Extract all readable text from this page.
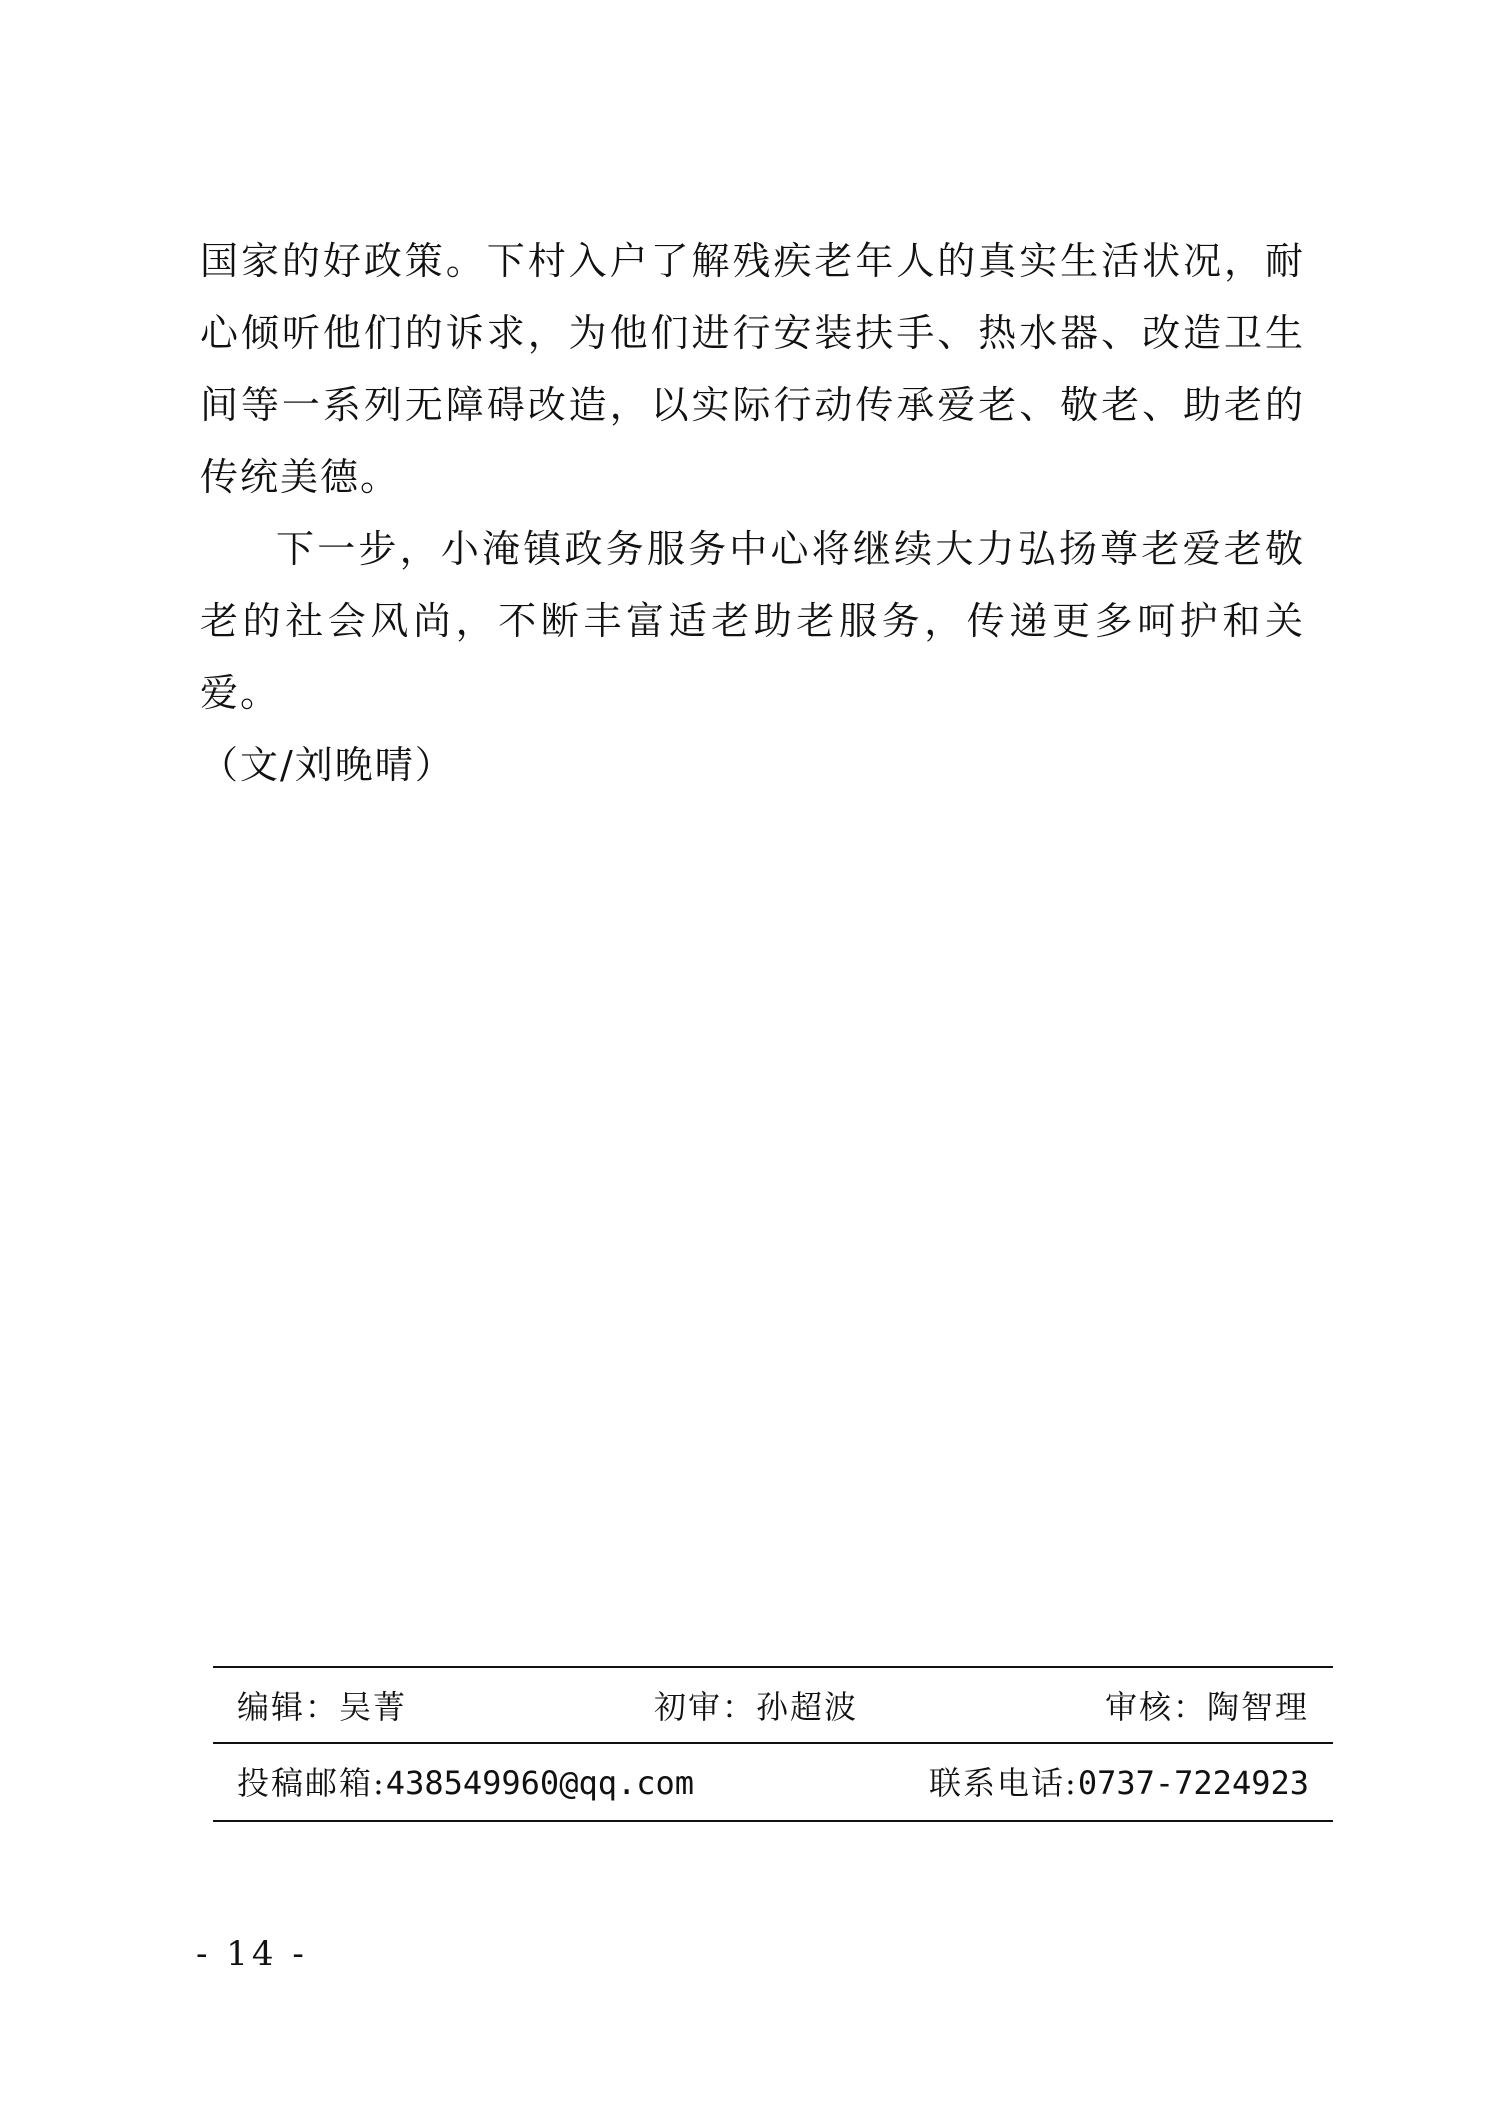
国家的好政策。下村入户了解残疾老年人的真实生活状况，耐心倾听他们的诉求，为他们进行安装扶手、热水器、改造卫生间等一系列无障碍改造，以实际行动传承爱老、敬老、助老的传统美德。

下一步，小淹镇政务服务中心将继续大力弘扬尊老爱老敬老的社会风尚，不断丰富适老助老服务，传递更多呵护和关爱。

（文/刘晚晴）

编辑：吴菁	初审：孙超波	审核：陶智理
投稿邮箱:438549960@qq.com	联系电话:0737-7224923
- 14 -
